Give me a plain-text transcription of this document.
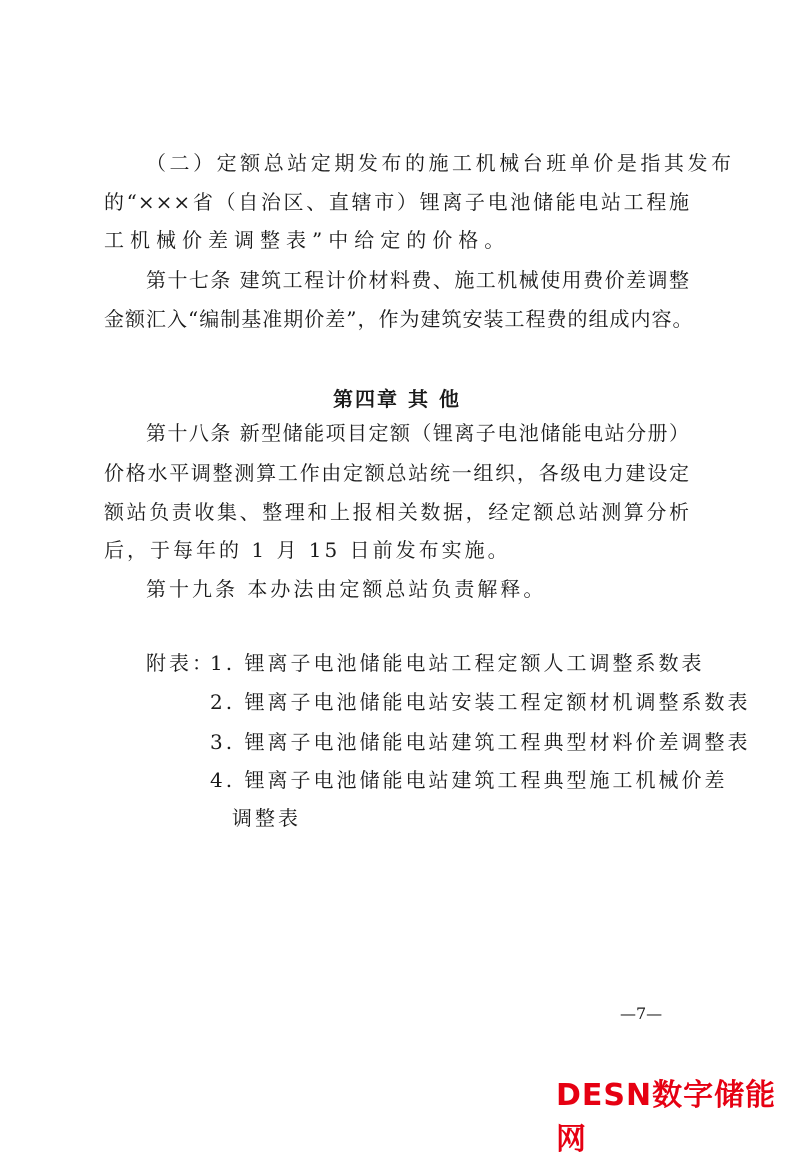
（二）定额总站定期发布的施工机械台班单价是指其发布
的“×××省（自治区、直辖市）锂离子电池储能电站工程施
工机械价差调整表”中给定的价格。
第十七条 建筑工程计价材料费、施工机械使用费价差调整
金额汇入“编制基准期价差”，作为建筑安装工程费的组成内容。
第四章 其 他
第十八条 新型储能项目定额（锂离子电池储能电站分册）
价格水平调整测算工作由定额总站统一组织，各级电力建设定
额站负责收集、整理和上报相关数据，经定额总站测算分析
后，于每年的 1 月 15 日前发布实施。
第十九条 本办法由定额总站负责解释。
附表：
1. 锂离子电池储能电站工程定额人工调整系数表
2. 锂离子电池储能电站安装工程定额材机调整系数表
3. 锂离子电池储能电站建筑工程典型材料价差调整表
4. 锂离子电池储能电站建筑工程典型施工机械价差
调整表
—7—
DESN数字储能网
